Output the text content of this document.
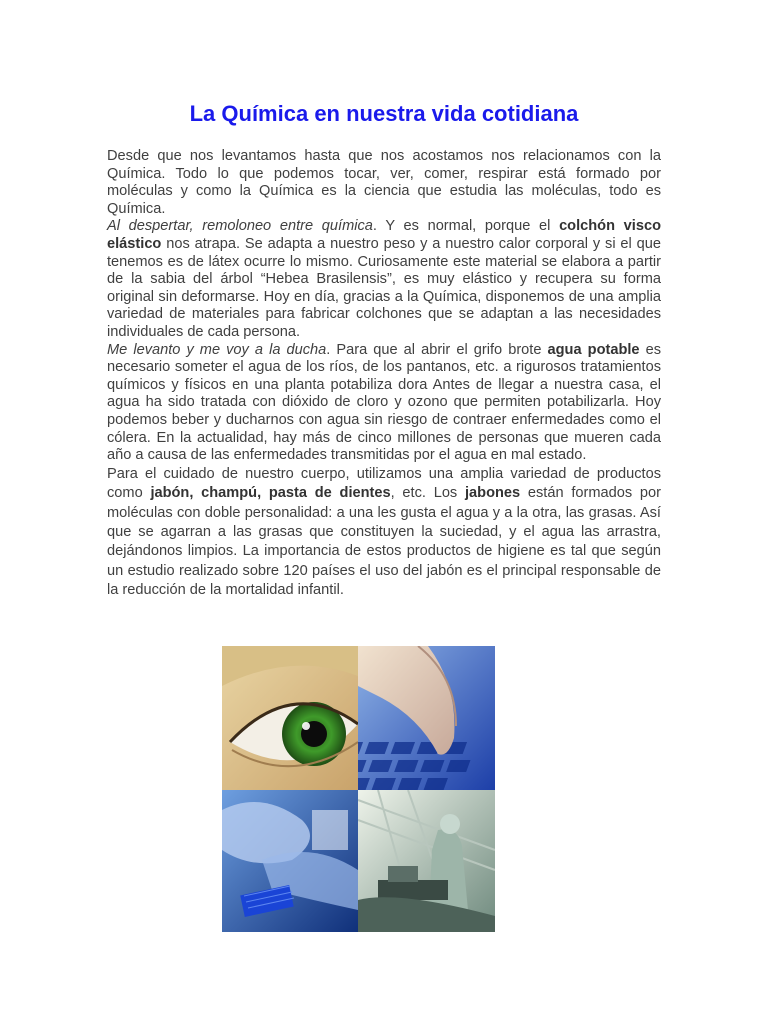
La Química en nuestra vida cotidiana

Desde que nos levantamos hasta que nos acostamos nos relacionamos con la Química. Todo lo que podemos tocar, ver, comer, respirar está formado por moléculas y como la Química es la ciencia que estudia las moléculas, todo es Química.

Al despertar, remoloneo entre química. Y es normal, porque el colchón visco elástico nos atrapa. Se adapta a nuestro peso y a nuestro calor corporal y si el que tenemos es de látex ocurre lo mismo. Curiosamente este material se elabora a partir de la sabia del árbol “Hebea Brasilensis”, es muy elástico y recupera su forma original sin deformarse. Hoy en día, gracias a la Química, disponemos de una amplia variedad de materiales para fabricar colchones que se adaptan a las necesidades individuales de cada persona.

Me levanto y me voy a la ducha. Para que al abrir el grifo brote agua potable es necesario someter el agua de los ríos, de los pantanos, etc. a rigurosos tratamientos químicos y físicos en una planta potabiliza dora Antes de llegar a nuestra casa, el agua ha sido tratada con dióxido de cloro y ozono que permiten potabilizarla. Hoy podemos beber y ducharnos con agua sin riesgo de contraer enfermedades como el cólera. En la actualidad, hay más de cinco millones de personas que mueren cada año a causa de las enfermedades transmitidas por el agua en mal estado.

Para el cuidado de nuestro cuerpo, utilizamos una amplia variedad de productos como jabón, champú, pasta de dientes, etc. Los jabones están formados por moléculas con doble personalidad: a una les gusta el agua y a la otra, las grasas. Así que se agarran a las grasas que constituyen la suciedad, y el agua las arrastra, dejándonos limpios. La importancia de estos productos de higiene es tal que según un estudio realizado sobre 120 países el uso del jabón es el principal responsable de la reducción de la mortalidad infantil.
